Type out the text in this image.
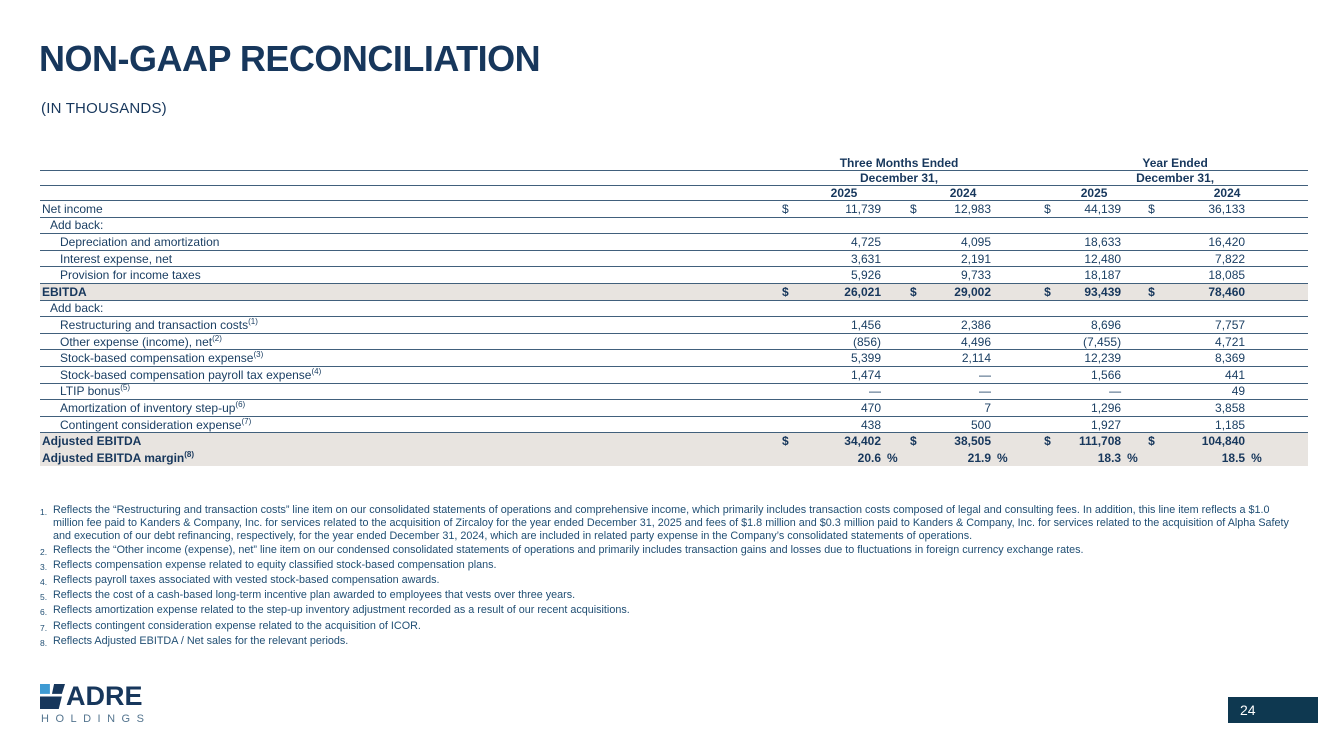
NON-GAAP RECONCILIATION
(IN THOUSANDS)
	Three Months Ended							Year Ended					
	December 31,							December 31,					
	2025			2024				2025			2024		
Net income	$	11,739		$	12,983			$	44,139		$	36,133	
Add back:													
Depreciation and amortization		4,725			4,095				18,633			16,420	
Interest expense, net		3,631			2,191				12,480			7,822	
Provision for income taxes		5,926			9,733				18,187			18,085	
EBITDA	$	26,021		$	29,002			$	93,439		$	78,460	
Add back:													
Restructuring and transaction costs$^{(1)}$		1,456			2,386				8,696			7,757	
Other expense (income), net$^{(2)}$		(856)			4,496				(7,455)			4,721	
Stock-based compensation expense$^{(3)}$		5,399			2,114				12,239			8,369	
Stock-based compensation payroll tax expense$^{(4)}$		1,474			—				1,566			441	
LTIP bonus$^{(5)}$		—			—				—			49	
Amortization of inventory step-$up^{(6)}$		470			7				1,296			3,858	
Contingent consideration expense$^{(7)}$		438			500				1,927			1,185	
Adjusted EBITDA	$	34,402		$	38,505			$	111,708		$	104,840	
Adjusted EBITDA margin$^{(8)}$		20.6	%		21.9	%			18.3	%		18.5	%
1. Reflects the “Restructuring and transaction costs” line item on our consolidated statements of operations and comprehensive income, which primarily includes transaction costs composed of legal and consulting fees. In addition, this line item reflects a $1.0 million fee paid to Kanders & Company, Inc. for services related to the acquisition of Zircaloy for the year ended December 31, 2025 and fees of $1.8 million and $0.3 million paid to Kanders & Company, Inc. for services related to the acquisition of Alpha Safety and execution of our debt refinancing, respectively, for the year ended December 31, 2024, which are included in related party expense in the Company’s consolidated statements of operations.
2. Reflects the “Other income (expense), net” line item on our condensed consolidated statements of operations and primarily includes transaction gains and losses due to fluctuations in foreign currency exchange rates.
3. Reflects compensation expense related to equity classified stock-based compensation plans.
4. Reflects payroll taxes associated with vested stock-based compensation awards.
5. Reflects the cost of a cash-based long-term incentive plan awarded to employees that vests over three years.
6. Reflects amortization expense related to the step-up inventory adjustment recorded as a result of our recent acquisitions.
7. Reflects contingent consideration expense related to the acquisition of ICOR.
8. Reflects Adjusted EBITDA / Net sales for the relevant periods.
ADRE
HOLDINGS
24
